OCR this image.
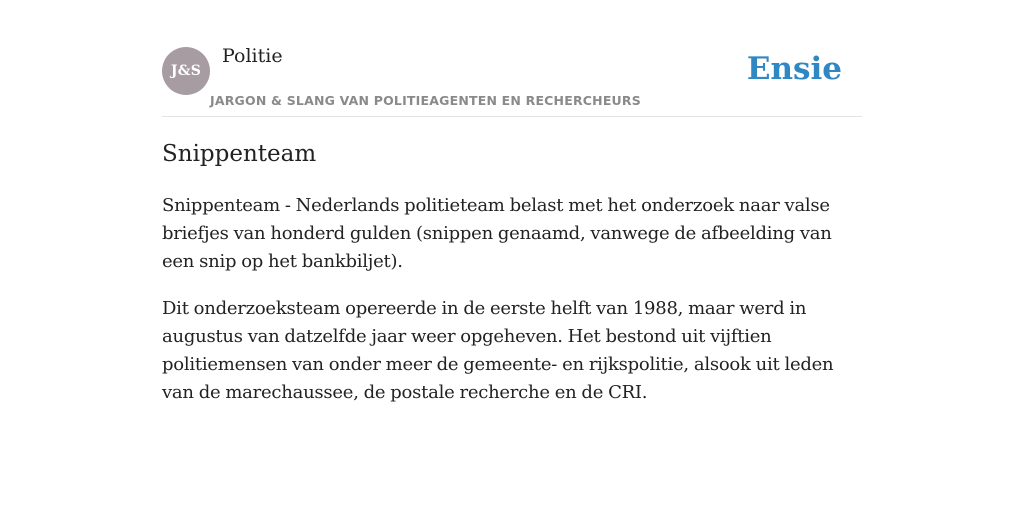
J&S
Politie
JARGON & SLANG VAN POLITIEAGENTEN EN RECHERCHEURS
Ensie
Snippenteam

Snippenteam - Nederlands politieteam belast met het onderzoek naar valse briefjes van honderd gulden (snippen genaamd, vanwege de afbeelding van een snip op het bankbiljet).

Dit onderzoeksteam opereerde in de eerste helft van 1988, maar werd in augustus van datzelfde jaar weer opgeheven. Het bestond uit vijftien politiemensen van onder meer de gemeente- en rijkspolitie, alsook uit leden van de marechaussee, de postale recherche en de CRI.
